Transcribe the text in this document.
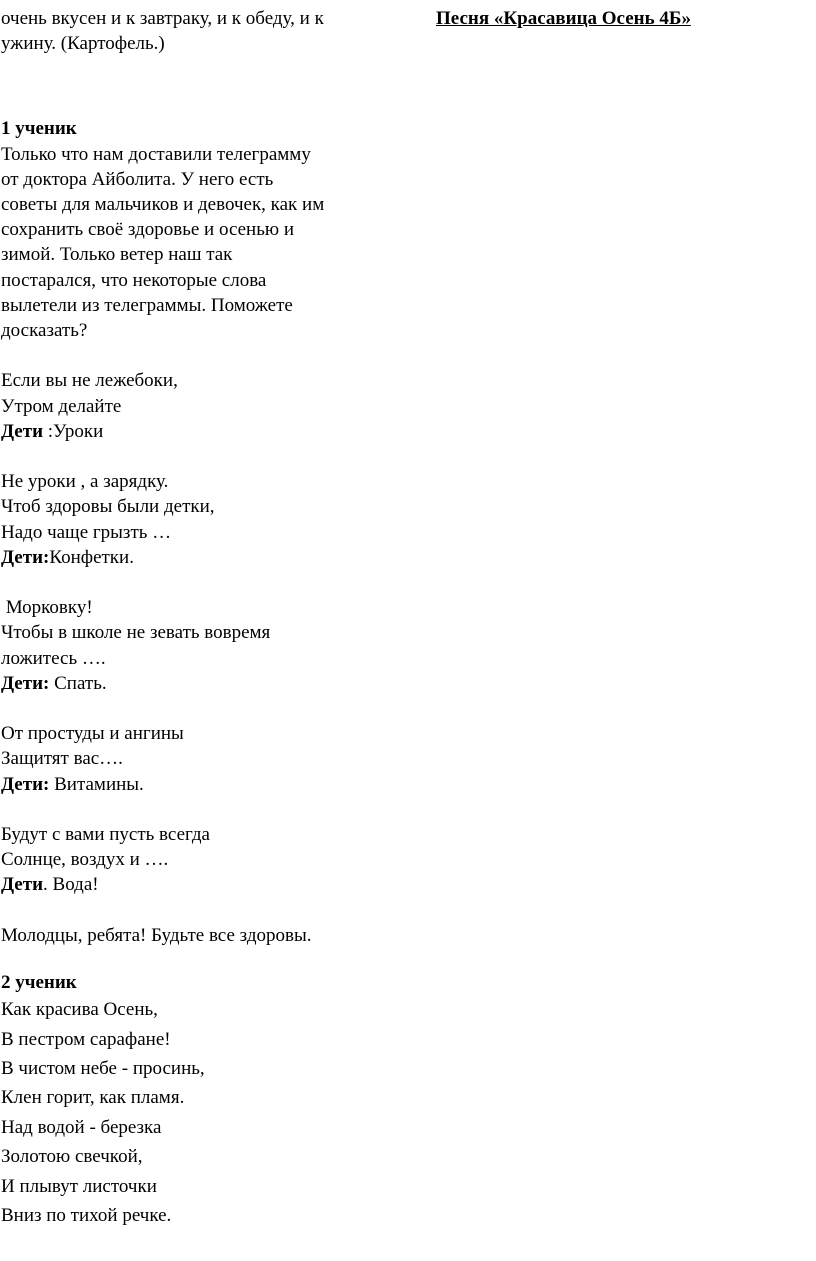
очень вкусен и к завтраку, и к обеду, и к
ужину. (Картофель.)
1 ученик
Только что нам доставили телеграмму
от доктора Айболита. У него есть
советы для мальчиков и девочек, как им
сохранить своё здоровье и осенью и
зимой. Только ветер наш так
постарался, что некоторые слова
вылетели из телеграммы. Поможете
досказать?
Если вы не лежебоки,
Утром делайте
Дети :Уроки
Не уроки , а зарядку.
Чтоб здоровы были детки,
Надо чаще грызть …
Дети:Конфетки.
Морковку!
Чтобы в школе не зевать вовремя
ложитесь ….
Дети: Спать.
От простуды и ангины
Защитят вас….
Дети: Витамины.
Будут с вами пусть всегда
Солнце, воздух и ….
Дети. Вода!
Молодцы, ребята! Будьте все здоровы.
2 ученик
Как красива Осень,
В пестром сарафане!
В чистом небе - просинь,
Клен горит, как пламя.
Над водой - березка
Золотою свечкой,
И плывут листочки
Вниз по тихой речке.
Песня «Красавица Осень 4Б»
